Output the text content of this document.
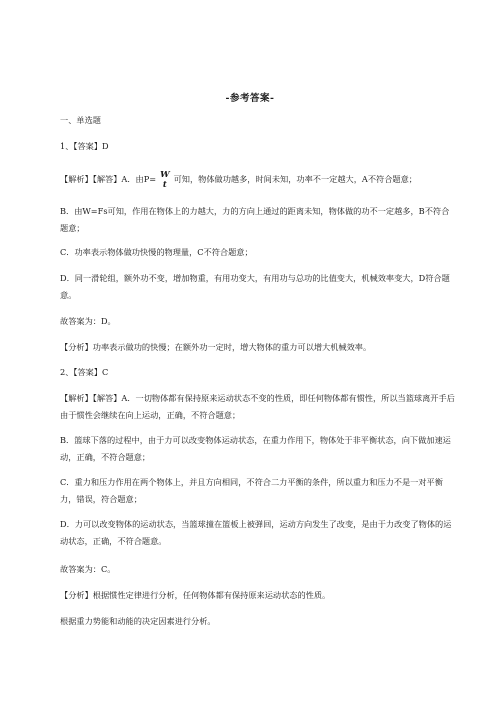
-参考答案-
一、单选题
1、【答案】D
【解析】【解答】A．由P= W
t
可知，物体做功越多，时间未知，功率不一定越大，A不符合题意；
B．由W=Fs可知，作用在物体上的力越大，力的方向上通过的距离未知，物体做的功不一定越多，B不符合题意；
C．功率表示物体做功快慢的物理量，C不符合题意；
D．同一滑轮组，额外功不变，增加物重，有用功变大，有用功与总功的比值变大，机械效率变大，D符合题意。
故答案为：D。
【分析】功率表示做功的快慢；在额外功一定时，增大物体的重力可以增大机械效率。
2、【答案】C
【解析】【解答】A．一切物体都有保持原来运动状态不变的性质，即任何物体都有惯性，所以当篮球离开手后由于惯性会继续在向上运动，正确，不符合题意；
B．篮球下落的过程中，由于力可以改变物体运动状态，在重力作用下，物体处于非平衡状态，向下做加速运动，正确，不符合题意；
C．重力和压力作用在两个物体上，并且方向相同，不符合二力平衡的条件，所以重力和压力不是一对平衡力，错误，符合题意；
D．力可以改变物体的运动状态，当篮球撞在篮板上被弹回，运动方向发生了改变，是由于力改变了物体的运动状态，正确，不符合题意。
故答案为：C。
【分析】根据惯性定律进行分析，任何物体都有保持原来运动状态的性质。
根据重力势能和动能的决定因素进行分析。
